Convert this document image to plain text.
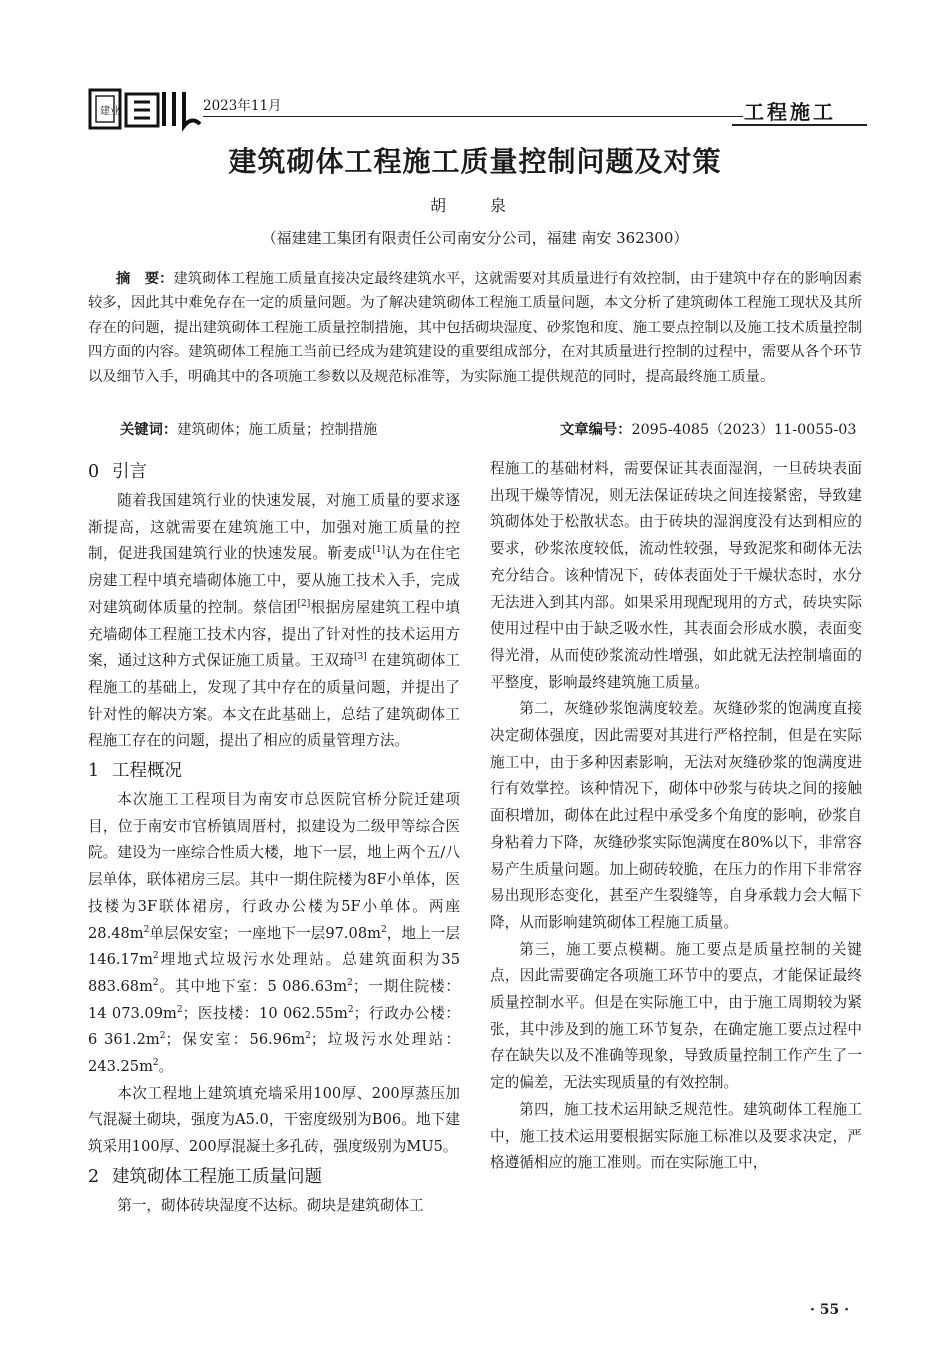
建业	2023年11月	工程施工
建筑砌体工程施工质量控制问题及对策
胡　泉
（福建建工集团有限责任公司南安分公司，福建 南安 362300）
摘　要：建筑砌体工程施工质量直接决定最终建筑水平，这就需要对其质量进行有效控制，由于建筑中存在的影响因素较多，因此其中难免存在一定的质量问题。为了解决建筑砌体工程施工质量问题，本文分析了建筑砌体工程施工现状及其所存在的问题，提出建筑砌体工程施工质量控制措施，其中包括砌块湿度、砂浆饱和度、施工要点控制以及施工技术质量控制四方面的内容。建筑砌体工程施工当前已经成为建筑建设的重要组成部分，在对其质量进行控制的过程中，需要从各个环节以及细节入手，明确其中的各项施工参数以及规范标准等，为实际施工提供规范的同时，提高最终施工质量。
关键词：建筑砌体；施工质量；控制措施	文章编号：2095-4085（2023）11-0055-03
0 引言

随着我国建筑行业的快速发展，对施工质量的要求逐渐提高，这就需要在建筑施工中，加强对施工质量的控制，促进我国建筑行业的快速发展。靳麦成[1]认为在住宅房建工程中填充墙砌体施工中，要从施工技术入手，完成对建筑砌体质量的控制。蔡信团[2]根据房屋建筑工程中填充墙砌体工程施工技术内容，提出了针对性的技术运用方案，通过这种方式保证施工质量。王双琦[3] 在建筑砌体工程施工的基础上，发现了其中存在的质量问题，并提出了针对性的解决方案。本文在此基础上，总结了建筑砌体工程施工存在的问题，提出了相应的质量管理方法。

1 工程概况

本次施工工程项目为南安市总医院官桥分院迁建项目，位于南安市官桥镇周厝村，拟建设为二级甲等综合医院。建设为一座综合性质大楼，地下一层，地上两个五/八层单体，联体裙房三层。其中一期住院楼为8F小单体，医技楼为3F联体裙房，行政办公楼为5F小单体。两座$28.48m^2$单层保安室；一座地下一层$97.08m^2$，地上一层$146.17m^2$埋地式垃圾污水处理站。总建筑面积为35 $883.68m^2$。其中地下室：5 $086.63m^2$；一期住院楼：14 $073.09m^2$；医技楼：10 $062.55m^2$；行政办公楼：6 $361.2m^2$；保安室：$56.96m^2$；垃圾污水处理站：$243.25m^2$。

本次工程地上建筑填充墙采用100厚、200厚蒸压加气混凝土砌块，强度为A5.0，干密度级别为B06。地下建筑采用100厚、200厚混凝土多孔砖，强度级别为MU5。

2 建筑砌体工程施工质量问题

第一，砌体砖块湿度不达标。砌块是建筑砌体工

程施工的基础材料，需要保证其表面湿润，一旦砖块表面出现干燥等情况，则无法保证砖块之间连接紧密，导致建筑砌体处于松散状态。由于砖块的湿润度没有达到相应的要求，砂浆浓度较低，流动性较强，导致泥浆和砌体无法充分结合。该种情况下，砖体表面处于干燥状态时，水分无法进入到其内部。如果采用现配现用的方式，砖块实际使用过程中由于缺乏吸水性，其表面会形成水膜，表面变得光滑，从而使砂浆流动性增强，如此就无法控制墙面的平整度，影响最终建筑施工质量。

第二，灰缝砂浆饱满度较差。灰缝砂浆的饱满度直接决定砌体强度，因此需要对其进行严格控制，但是在实际施工中，由于多种因素影响，无法对灰缝砂浆的饱满度进行有效掌控。该种情况下，砌体中砂浆与砖块之间的接触面积增加，砌体在此过程中承受多个角度的影响，砂浆自身粘着力下降，灰缝砂浆实际饱满度在80%以下，非常容易产生质量问题。加上砌砖较脆，在压力的作用下非常容易出现形态变化，甚至产生裂缝等，自身承载力会大幅下降，从而影响建筑砌体工程施工质量。

第三，施工要点模糊。施工要点是质量控制的关键点，因此需要确定各项施工环节中的要点，才能保证最终质量控制水平。但是在实际施工中，由于施工周期较为紧张，其中涉及到的施工环节复杂，在确定施工要点过程中存在缺失以及不准确等现象，导致质量控制工作产生了一定的偏差，无法实现质量的有效控制。

第四，施工技术运用缺乏规范性。建筑砌体工程施工中，施工技术运用要根据实际施工标准以及要求决定，严格遵循相应的施工准则。而在实际施工中，

· 55 ·
